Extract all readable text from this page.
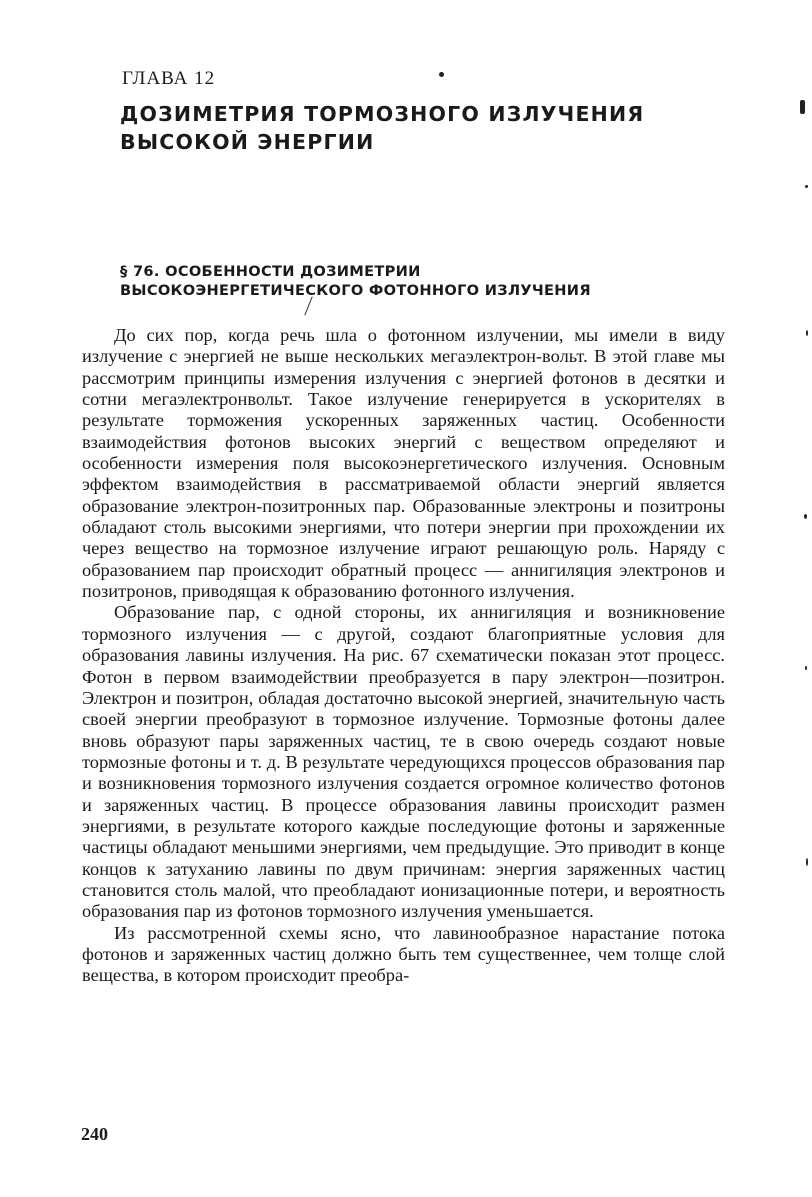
ГЛАВА 12
ДОЗИМЕТРИЯ ТОРМОЗНОГО ИЗЛУЧЕНИЯ
ВЫСОКОЙ ЭНЕРГИИ
§ 76. ОСОБЕННОСТИ ДОЗИМЕТРИИ
ВЫСОКОЭНЕРГЕТИЧЕСКОГО ФОТОННОГО ИЗЛУЧЕНИЯ

До сих пор, когда речь шла о фотонном излучении, мы имели в виду излучение с энергией не выше нескольких мегаэлектрон-вольт. В этой главе мы рассмотрим принципы измерения излучения с энергией фотонов в десятки и сотни мегаэлектронвольт. Такое излучение генерируется в ускорителях в результате торможения ускоренных заряженных частиц. Особенности взаимодействия фотонов высоких энергий с веществом определяют и особенности измерения поля высокоэнергетического излучения. Основным эффектом взаимодействия в рассматриваемой области энергий является образование электрон-позитронных пар. Образованные электроны и позитроны обладают столь высокими энергиями, что потери энергии при прохождении их через вещество на тормозное излучение играют решающую роль. Наряду с образованием пар происходит обратный процесс — аннигиляция электронов и позитронов, приводящая к образованию фотонного излучения.

Образование пар, с одной стороны, их аннигиляция и возникновение тормозного излучения — с другой, создают благоприятные условия для образования лавины излучения. На рис. 67 схематически показан этот процесс. Фотон в первом взаимодействии преобразуется в пару электрон—позитрон. Электрон и позитрон, обладая достаточно высокой энергией, значительную часть своей энергии преобразуют в тормозное излучение. Тормозные фотоны далее вновь образуют пары заряженных частиц, те в свою очередь создают новые тормозные фотоны и т. д. В результате чередующихся процессов образования пар и возникновения тормозного излучения создается огромное количество фотонов и заряженных частиц. В процессе образования лавины происходит размен энергиями, в результате которого каждые последующие фотоны и заряженные частицы обладают меньшими энергиями, чем предыдущие. Это приводит в конце концов к затуханию лавины по двум причинам: энергия заряженных частиц становится столь малой, что преобладают ионизационные потери, и вероятность образования пар из фотонов тормозного излучения уменьшается.

Из рассмотренной схемы ясно, что лавинообразное нарастание потока фотонов и заряженных частиц должно быть тем существеннее, чем толще слой вещества, в котором происходит преобра-

240
